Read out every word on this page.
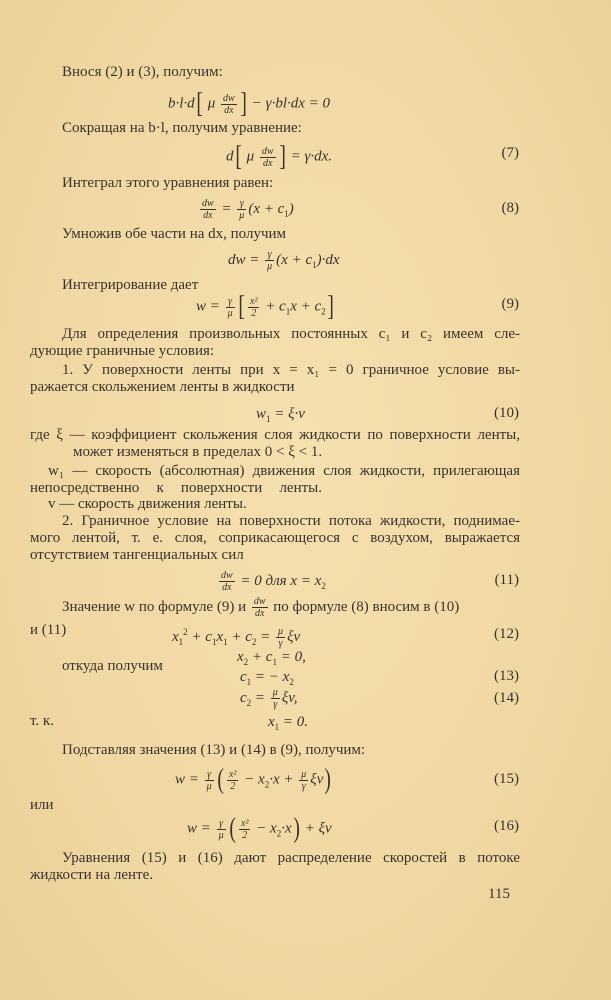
Внося (2) и (3), получим:
b·l·d[ μ $\frac{dw}{dx}$ ] − γ·bl·dx = 0
Сокращая на b·l, получим уравнение:
d[ μ $\frac{dw}{dx}$ ] = γ·dx.	(7)
Интеграл этого уравнения равен:
$\frac{dw}{dx} = \frac{\gamma}{\mu} (x + c_1)$	(8)
Умножив обе части на dx, получим
dw = $\frac{\gamma}{\mu} (x + c_1)\cdot dx$
Интегрирование дает
$w = \frac{\gamma}{\mu}$ [ $\frac{\text{x²}}{2} + c_1x + c_2$]	(9)
Для определения произвольных постоянных c₁ и c₂ имеем сле-
дующие граничные условия:
1. У поверхности ленты при x = x₁ = 0 граничное условие вы-
ражается скольжением ленты в жидкости
$w_1 = \xi\cdot v$	(10)
где ξ — коэффициент скольжения слоя жидкости по поверхности ленты,
может изменяться в пределах 0 < ξ < 1.
w₁ — скорость (абсолютная) движения слоя жидкости, прилегающая
непосредственно к поверхности ленты.
v — скорость движения ленты.
2. Граничное условие на поверхности потока жидкости, поднимае-
мого лентой, т. е. слоя, соприкасающегося с воздухом, выражается
отсутствием тангенциальных сил
$\frac{dw}{dx} = 0$ для $x = x_2$	(11)
Значение w по формуле (9) и $\frac{dw}{dx}$ по формуле (8) вносим в (10)
и (11)	$x_1^2 + c_1x_1 + c_2 = \frac{\mu}{\gamma}$ ξv	(12)
$x_2 + c_1 = 0$,
откуда получим
$c_1$ = − $x_2$	(13)
$c_2 = \frac{\mu}{\gamma} \xi v$,	(14)
т. к.	$x_1 = 0$.
Подставляя значения (13) и (14) в (9), получим:
$w = \frac{\gamma}{\mu}$ ( $\frac{\text{x²}}{2} - x_2\cdot x + \frac{\mu}{\gamma} \xi v$)	(15)
или
$w = \frac{\gamma}{\mu}$ ( $\frac{\text{x²}}{2} - x_2\cdot x) + \xi v$	(16)
Уравнения (15) и (16) дают распределение скоростей в потоке
жидкости на ленте.
115
